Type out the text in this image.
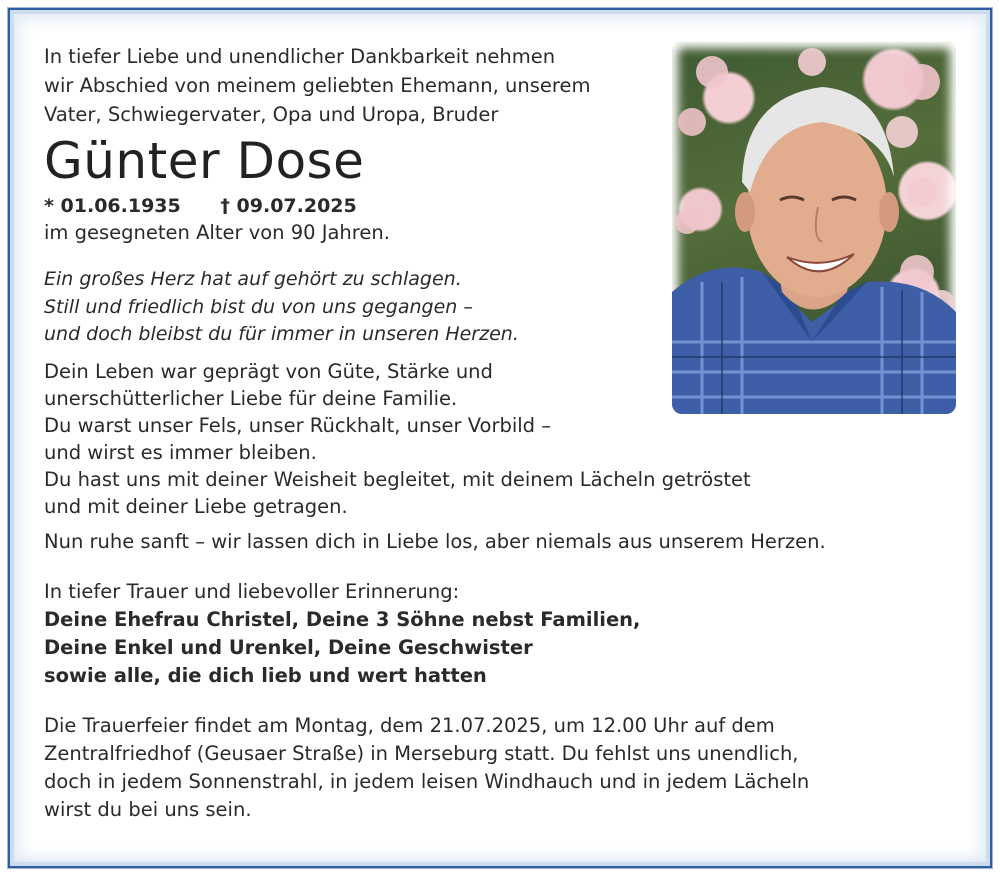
In tiefer Liebe und unendlicher Dankbarkeit nehmen
wir Abschied von meinem geliebten Ehemann, unserem
Vater, Schwiegervater, Opa und Uropa, Bruder

Günter Dose
* 01.06.1935      † 09.07.2025
im gesegneten Alter von 90 Jahren.
Ein großes Herz hat auf gehört zu schlagen.
Still und friedlich bist du von uns gegangen –
und doch bleibst du für immer in unseren Herzen.
Dein Leben war geprägt von Güte, Stärke und
unerschütterlicher Liebe für deine Familie.
Du warst unser Fels, unser Rückhalt, unser Vorbild –
und wirst es immer bleiben.
Du hast uns mit deiner Weisheit begleitet, mit deinem Lächeln getröstet
und mit deiner Liebe getragen.
Nun ruhe sanft – wir lassen dich in Liebe los, aber niemals aus unserem Herzen.
In tiefer Trauer und liebevoller Erinnerung:
Deine Ehefrau Christel, Deine 3 Söhne nebst Familien,
Deine Enkel und Urenkel, Deine Geschwister
sowie alle, die dich lieb und wert hatten
Die Trauerfeier findet am Montag, dem 21.07.2025, um 12.00 Uhr auf dem
Zentralfriedhof (Geusaer Straße) in Merseburg statt. Du fehlst uns unendlich,
doch in jedem Sonnenstrahl, in jedem leisen Windhauch und in jedem Lächeln
wirst du bei uns sein.
